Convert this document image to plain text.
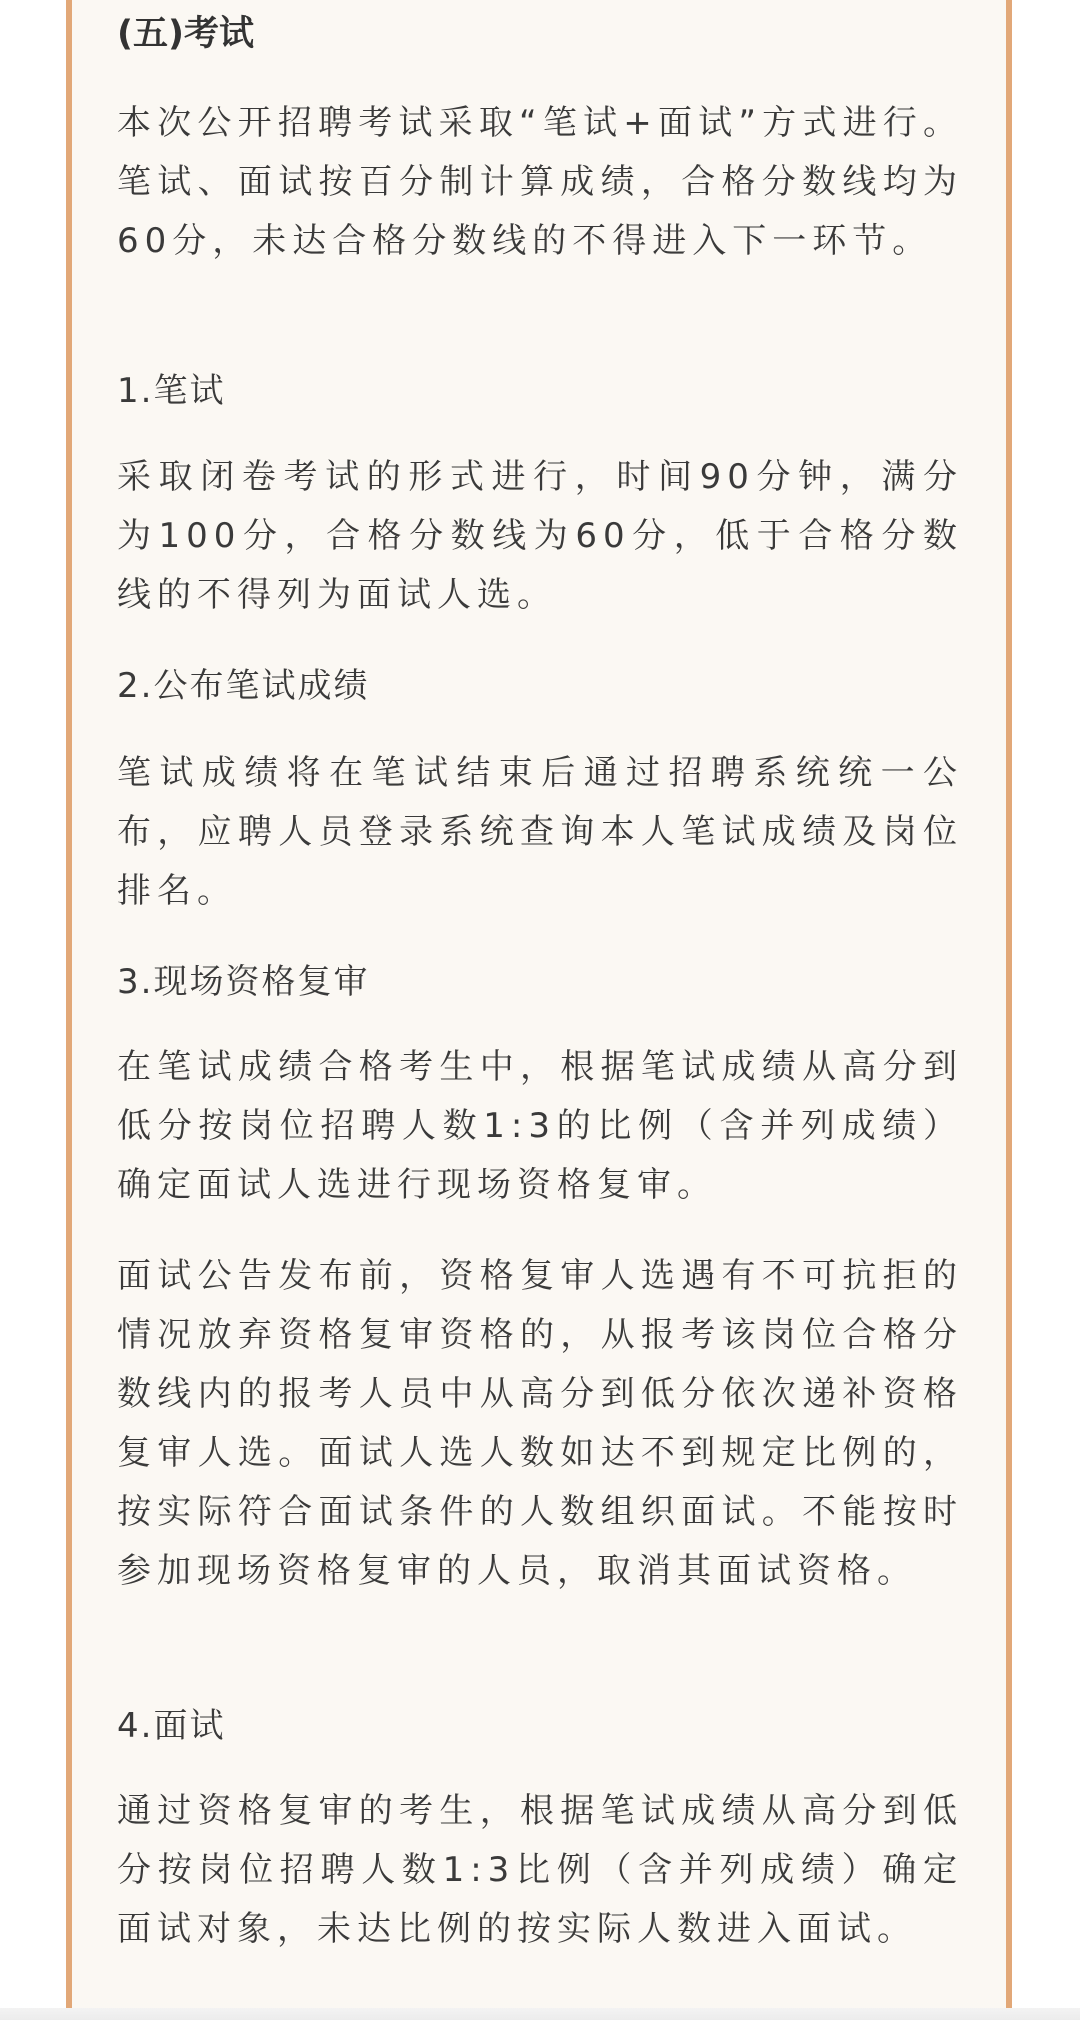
(五)考试

本次公开招聘考试采取“笔试+面试”方式进行。笔试、面试按百分制计算成绩，合格分数线均为60分，未达合格分数线的不得进入下一环节。

1.笔试

采取闭卷考试的形式进行，时间90分钟，满分为100分，合格分数线为60分，低于合格分数线的不得列为面试人选。

2.公布笔试成绩

笔试成绩将在笔试结束后通过招聘系统统一公布，应聘人员登录系统查询本人笔试成绩及岗位排名。

3.现场资格复审

在笔试成绩合格考生中，根据笔试成绩从高分到低分按岗位招聘人数1:3的比例（含并列成绩）确定面试人选进行现场资格复审。

面试公告发布前，资格复审人选遇有不可抗拒的情况放弃资格复审资格的，从报考该岗位合格分数线内的报考人员中从高分到低分依次递补资格复审人选。面试人选人数如达不到规定比例的，按实际符合面试条件的人数组织面试。不能按时参加现场资格复审的人员，取消其面试资格。

4.面试

通过资格复审的考生，根据笔试成绩从高分到低分按岗位招聘人数1:3比例（含并列成绩）确定面试对象，未达比例的按实际人数进入面试。
